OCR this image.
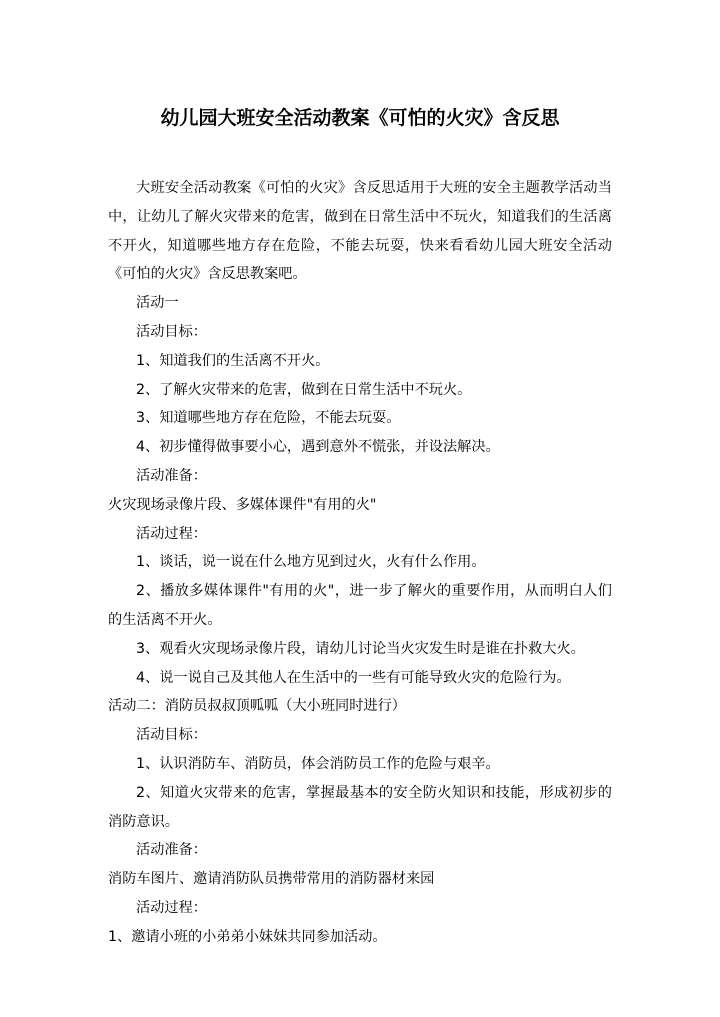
幼儿园大班安全活动教案《可怕的火灾》含反思

大班安全活动教案《可怕的火灾》含反思适用于大班的安全主题教学活动当中，让幼儿了解火灾带来的危害，做到在日常生活中不玩火，知道我们的生活离不开火，知道哪些地方存在危险，不能去玩耍，快来看看幼儿园大班安全活动《可怕的火灾》含反思教案吧。

活动一

活动目标：

1、知道我们的生活离不开火。

2、了解火灾带来的危害，做到在日常生活中不玩火。

3、知道哪些地方存在危险，不能去玩耍。

4、初步懂得做事要小心，遇到意外不慌张，并设法解决。

活动准备：

火灾现场录像片段、多媒体课件"有用的火"

活动过程：

1、谈话，说一说在什么地方见到过火，火有什么作用。

2、播放多媒体课件"有用的火"，进一步了解火的重要作用，从而明白人们的生活离不开火。

3、观看火灾现场录像片段，请幼儿讨论当火灾发生时是谁在扑救大火。

4、说一说自己及其他人在生活中的一些有可能导致火灾的危险行为。

活动二：消防员叔叔顶呱呱（大小班同时进行）

活动目标：

1、认识消防车、消防员，体会消防员工作的危险与艰辛。

2、知道火灾带来的危害，掌握最基本的安全防火知识和技能，形成初步的消防意识。

活动准备：

消防车图片、邀请消防队员携带常用的消防器材来园

活动过程：

1、邀请小班的小弟弟小妹妹共同参加活动。
